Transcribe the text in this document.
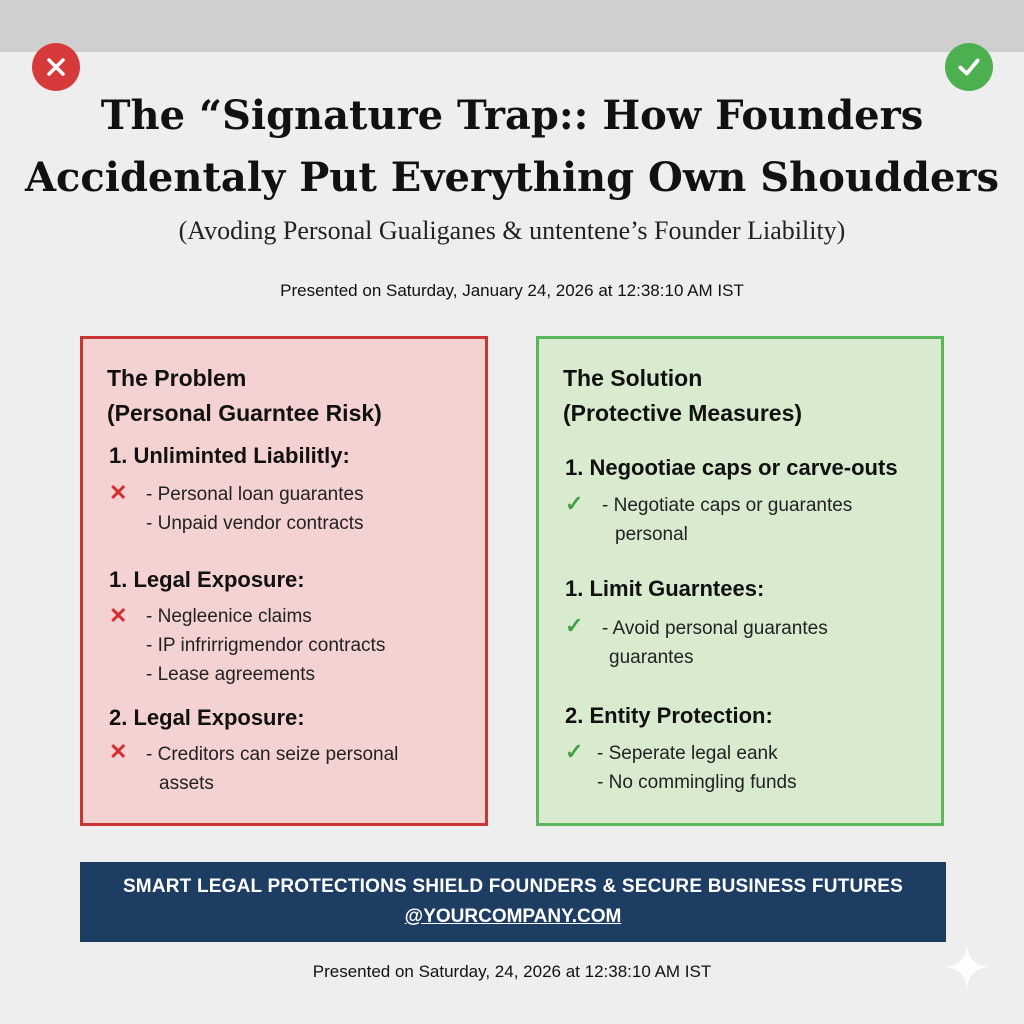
The “Signature Trap:: How Founders
Accidentaly Put Everything Own Shoudders
(Avoding Personal Gualiganes & untentene’s Founder Liability)
Presented on Saturday, January 24, 2026 at 12:38:10 AM IST
The Problem
(Personal Guarntee Risk)
1. Unliminted Liabilitly:
✕ - Personal loan guarantes
- Unpaid vendor contracts
1. Legal Exposure:
✕ - Negleenice claims
- IP infrirrigmendor contracts
- Lease agreements
2. Legal Exposure:
✕ - Creditors can seize personal
assets
The Solution
(Protective Measures)
1. Negootiae caps or carve-outs
✓ - Negotiate caps or guarantes
personal
1. Limit Guarntees:
✓ - Avoid personal guarantes
guarantes
2. Entity Protection:
✓ - Seperate legal eank
- No commingling funds
SMART LEGAL PROTECTIONS SHIELD FOUNDERS & SECURE BUSINESS FUTURES
@YOURCOMPANY.COM
Presented on Saturday, 24, 2026 at 12:38:10 AM IST
